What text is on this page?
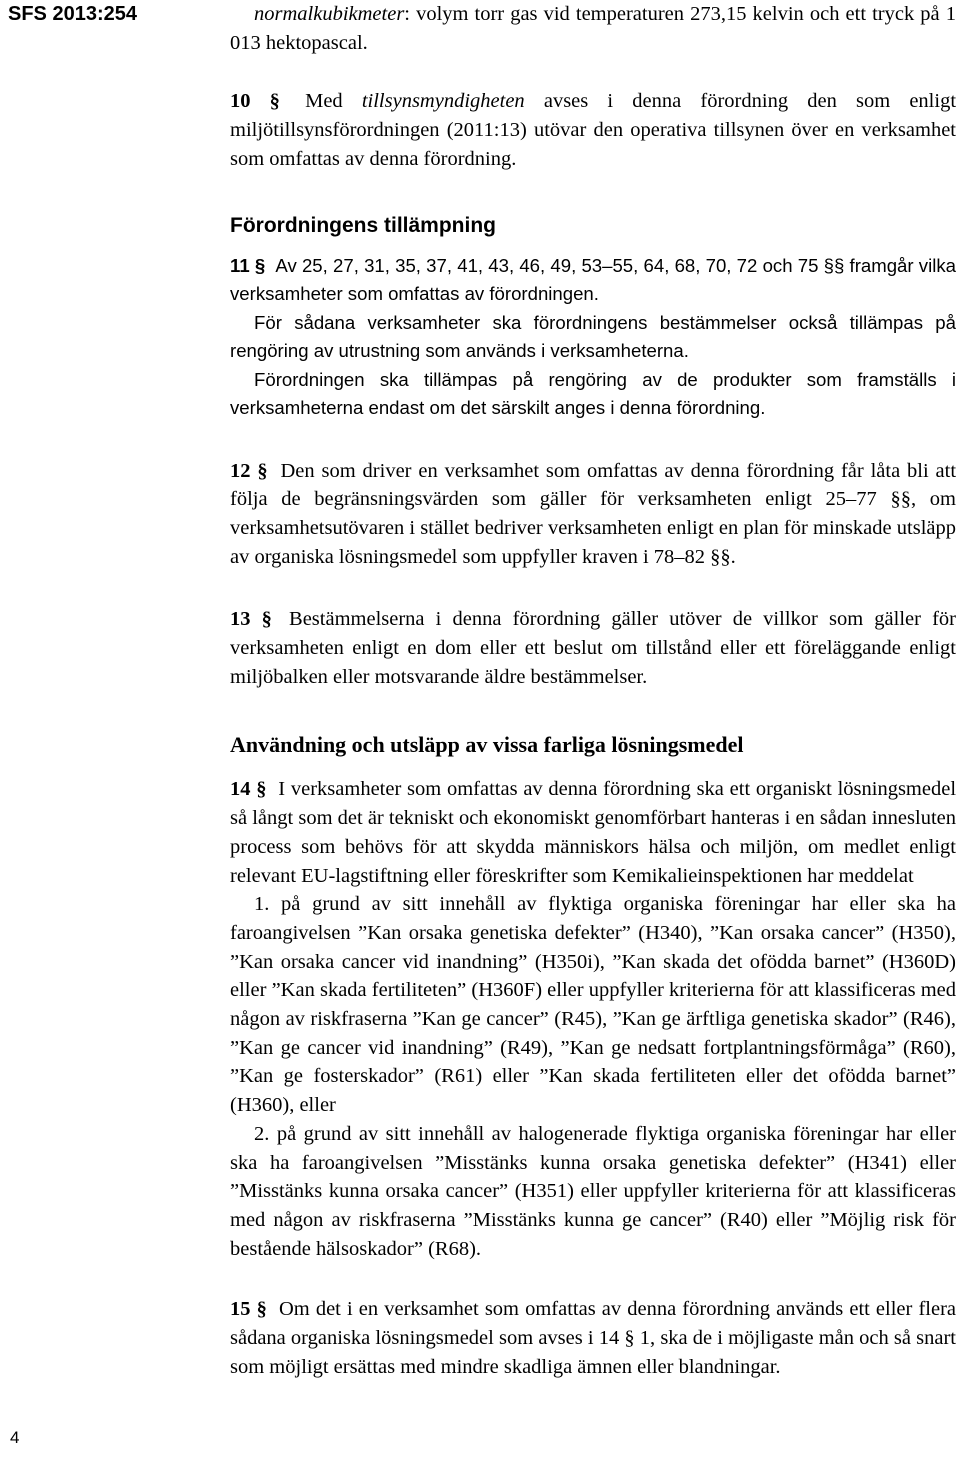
SFS 2013:254	normalkubikmeter: volym torr gas vid temperaturen 273,15 kelvin och ett tryck på 1 013 hektopascal.

10 § Med tillsynsmyndigheten avses i denna förordning den som enligt miljötillsynsförordningen (2011:13) utövar den operativa tillsynen över en verksamhet som omfattas av denna förordning.

Förordningens tillämpning

11 § Av 25, 27, 31, 35, 37, 41, 43, 46, 49, 53–55, 64, 68, 70, 72 och 75 §§ framgår vilka verksamheter som omfattas av förordningen.

För sådana verksamheter ska förordningens bestämmelser också tillämpas på rengöring av utrustning som används i verksamheterna.

Förordningen ska tillämpas på rengöring av de produkter som framställs i verksamheterna endast om det särskilt anges i denna förordning.

12 § Den som driver en verksamhet som omfattas av denna förordning får låta bli att följa de begränsningsvärden som gäller för verksamheten enligt 25–77 §§, om verksamhetsutövaren i stället bedriver verksamheten enligt en plan för minskade utsläpp av organiska lösningsmedel som uppfyller kraven i 78–82 §§.

13 § Bestämmelserna i denna förordning gäller utöver de villkor som gäller för verksamheten enligt en dom eller ett beslut om tillstånd eller ett föreläggande enligt miljöbalken eller motsvarande äldre bestämmelser.

Användning och utsläpp av vissa farliga lösningsmedel

14 § I verksamheter som omfattas av denna förordning ska ett organiskt lösningsmedel så långt som det är tekniskt och ekonomiskt genomförbart hanteras i en sådan innesluten process som behövs för att skydda människors hälsa och miljön, om medlet enligt relevant EU-lagstiftning eller föreskrifter som Kemikalieinspektionen har meddelat

1. på grund av sitt innehåll av flyktiga organiska föreningar har eller ska ha faroangivelsen ”Kan orsaka genetiska defekter” (H340), ”Kan orsaka cancer” (H350), ”Kan orsaka cancer vid inandning” (H350i), ”Kan skada det ofödda barnet” (H360D) eller ”Kan skada fertiliteten” (H360F) eller uppfyller kriterierna för att klassificeras med någon av riskfraserna ”Kan ge cancer” (R45), ”Kan ge ärftliga genetiska skador” (R46), ”Kan ge cancer vid inandning” (R49), ”Kan ge nedsatt fortplantningsförmåga” (R60), ”Kan ge fosterskador” (R61) eller ”Kan skada fertiliteten eller det ofödda barnet” (H360), eller

2. på grund av sitt innehåll av halogenerade flyktiga organiska föreningar har eller ska ha faroangivelsen ”Misstänks kunna orsaka genetiska defekter” (H341) eller ”Misstänks kunna orsaka cancer” (H351) eller uppfyller kriterierna för att klassificeras med någon av riskfraserna ”Misstänks kunna ge cancer” (R40) eller ”Möjlig risk för bestående hälsoskador” (R68).

15 § Om det i en verksamhet som omfattas av denna förordning används ett eller flera sådana organiska lösningsmedel som avses i 14 § 1, ska de i möjligaste mån och så snart som möjligt ersättas med mindre skadliga ämnen eller blandningar.

4
